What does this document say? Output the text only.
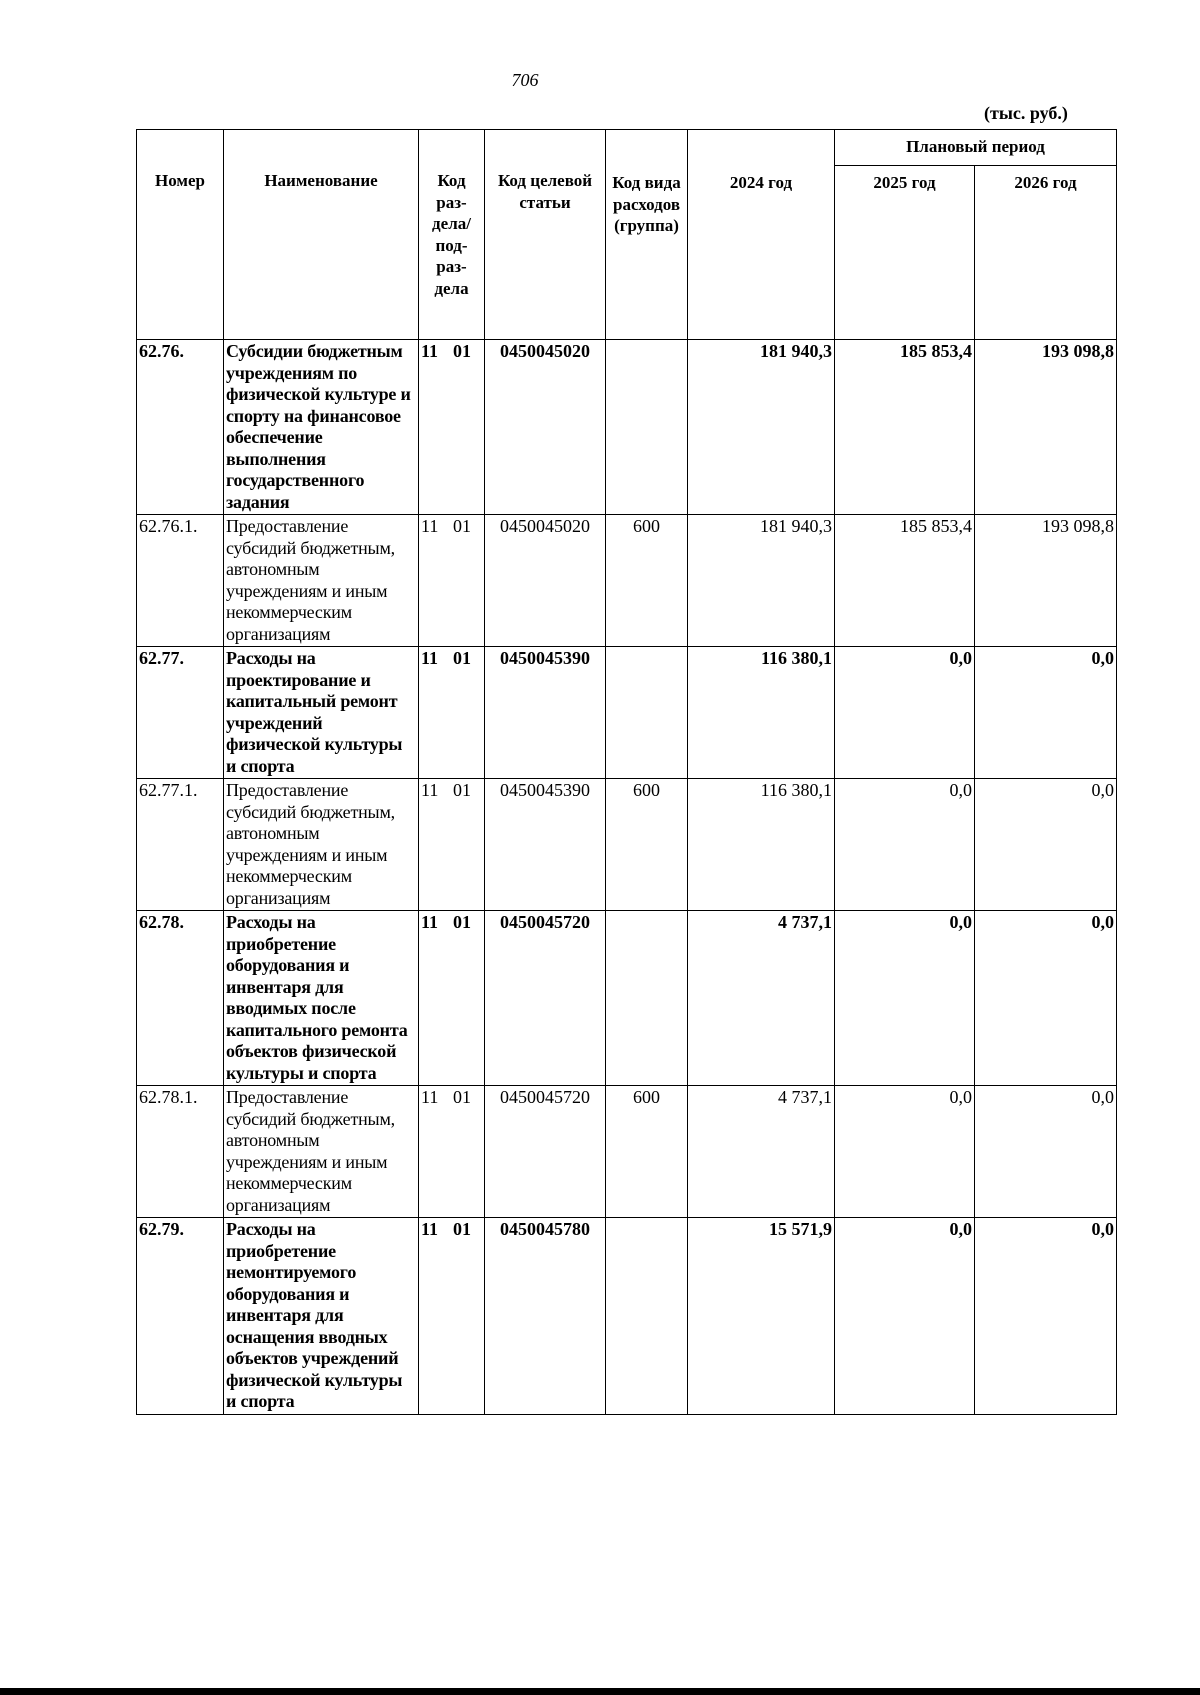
706
(тыс. руб.)
Номер	Наименование	Код раз- дела/ под- раз- дела	Код целевой статьи	Код вида расходов (группа)	2024 год	Плановый период	
						2025 год	2026 год
62.76.	Субсидии бюджетным учреждениям по физической культуре и спорту на финансовое обеспечение выполнения государственного задания	11 01	0450045020		181 940,3	185 853,4	193 098,8
62.76.1.	Предоставление субсидий бюджетным, автономным учреждениям и иным некоммерческим организациям	11 01	0450045020	600	181 940,3	185 853,4	193 098,8
62.77.	Расходы на проектирование и капитальный ремонт учреждений физической культуры и спорта	11 01	0450045390		116 380,1	0,0	0,0
62.77.1.	Предоставление субсидий бюджетным, автономным учреждениям и иным некоммерческим организациям	11 01	0450045390	600	116 380,1	0,0	0,0
62.78.	Расходы на приобретение оборудования и инвентаря для вводимых после капитального ремонта объектов физической культуры и спорта	11 01	0450045720		4 737,1	0,0	0,0
62.78.1.	Предоставление субсидий бюджетным, автономным учреждениям и иным некоммерческим организациям	11 01	0450045720	600	4 737,1	0,0	0,0
62.79.	Расходы на приобретение немонтируемого оборудования и инвентаря для оснащения вводных объектов учреждений физической культуры и спорта	11 01	0450045780		15 571,9	0,0	0,0
